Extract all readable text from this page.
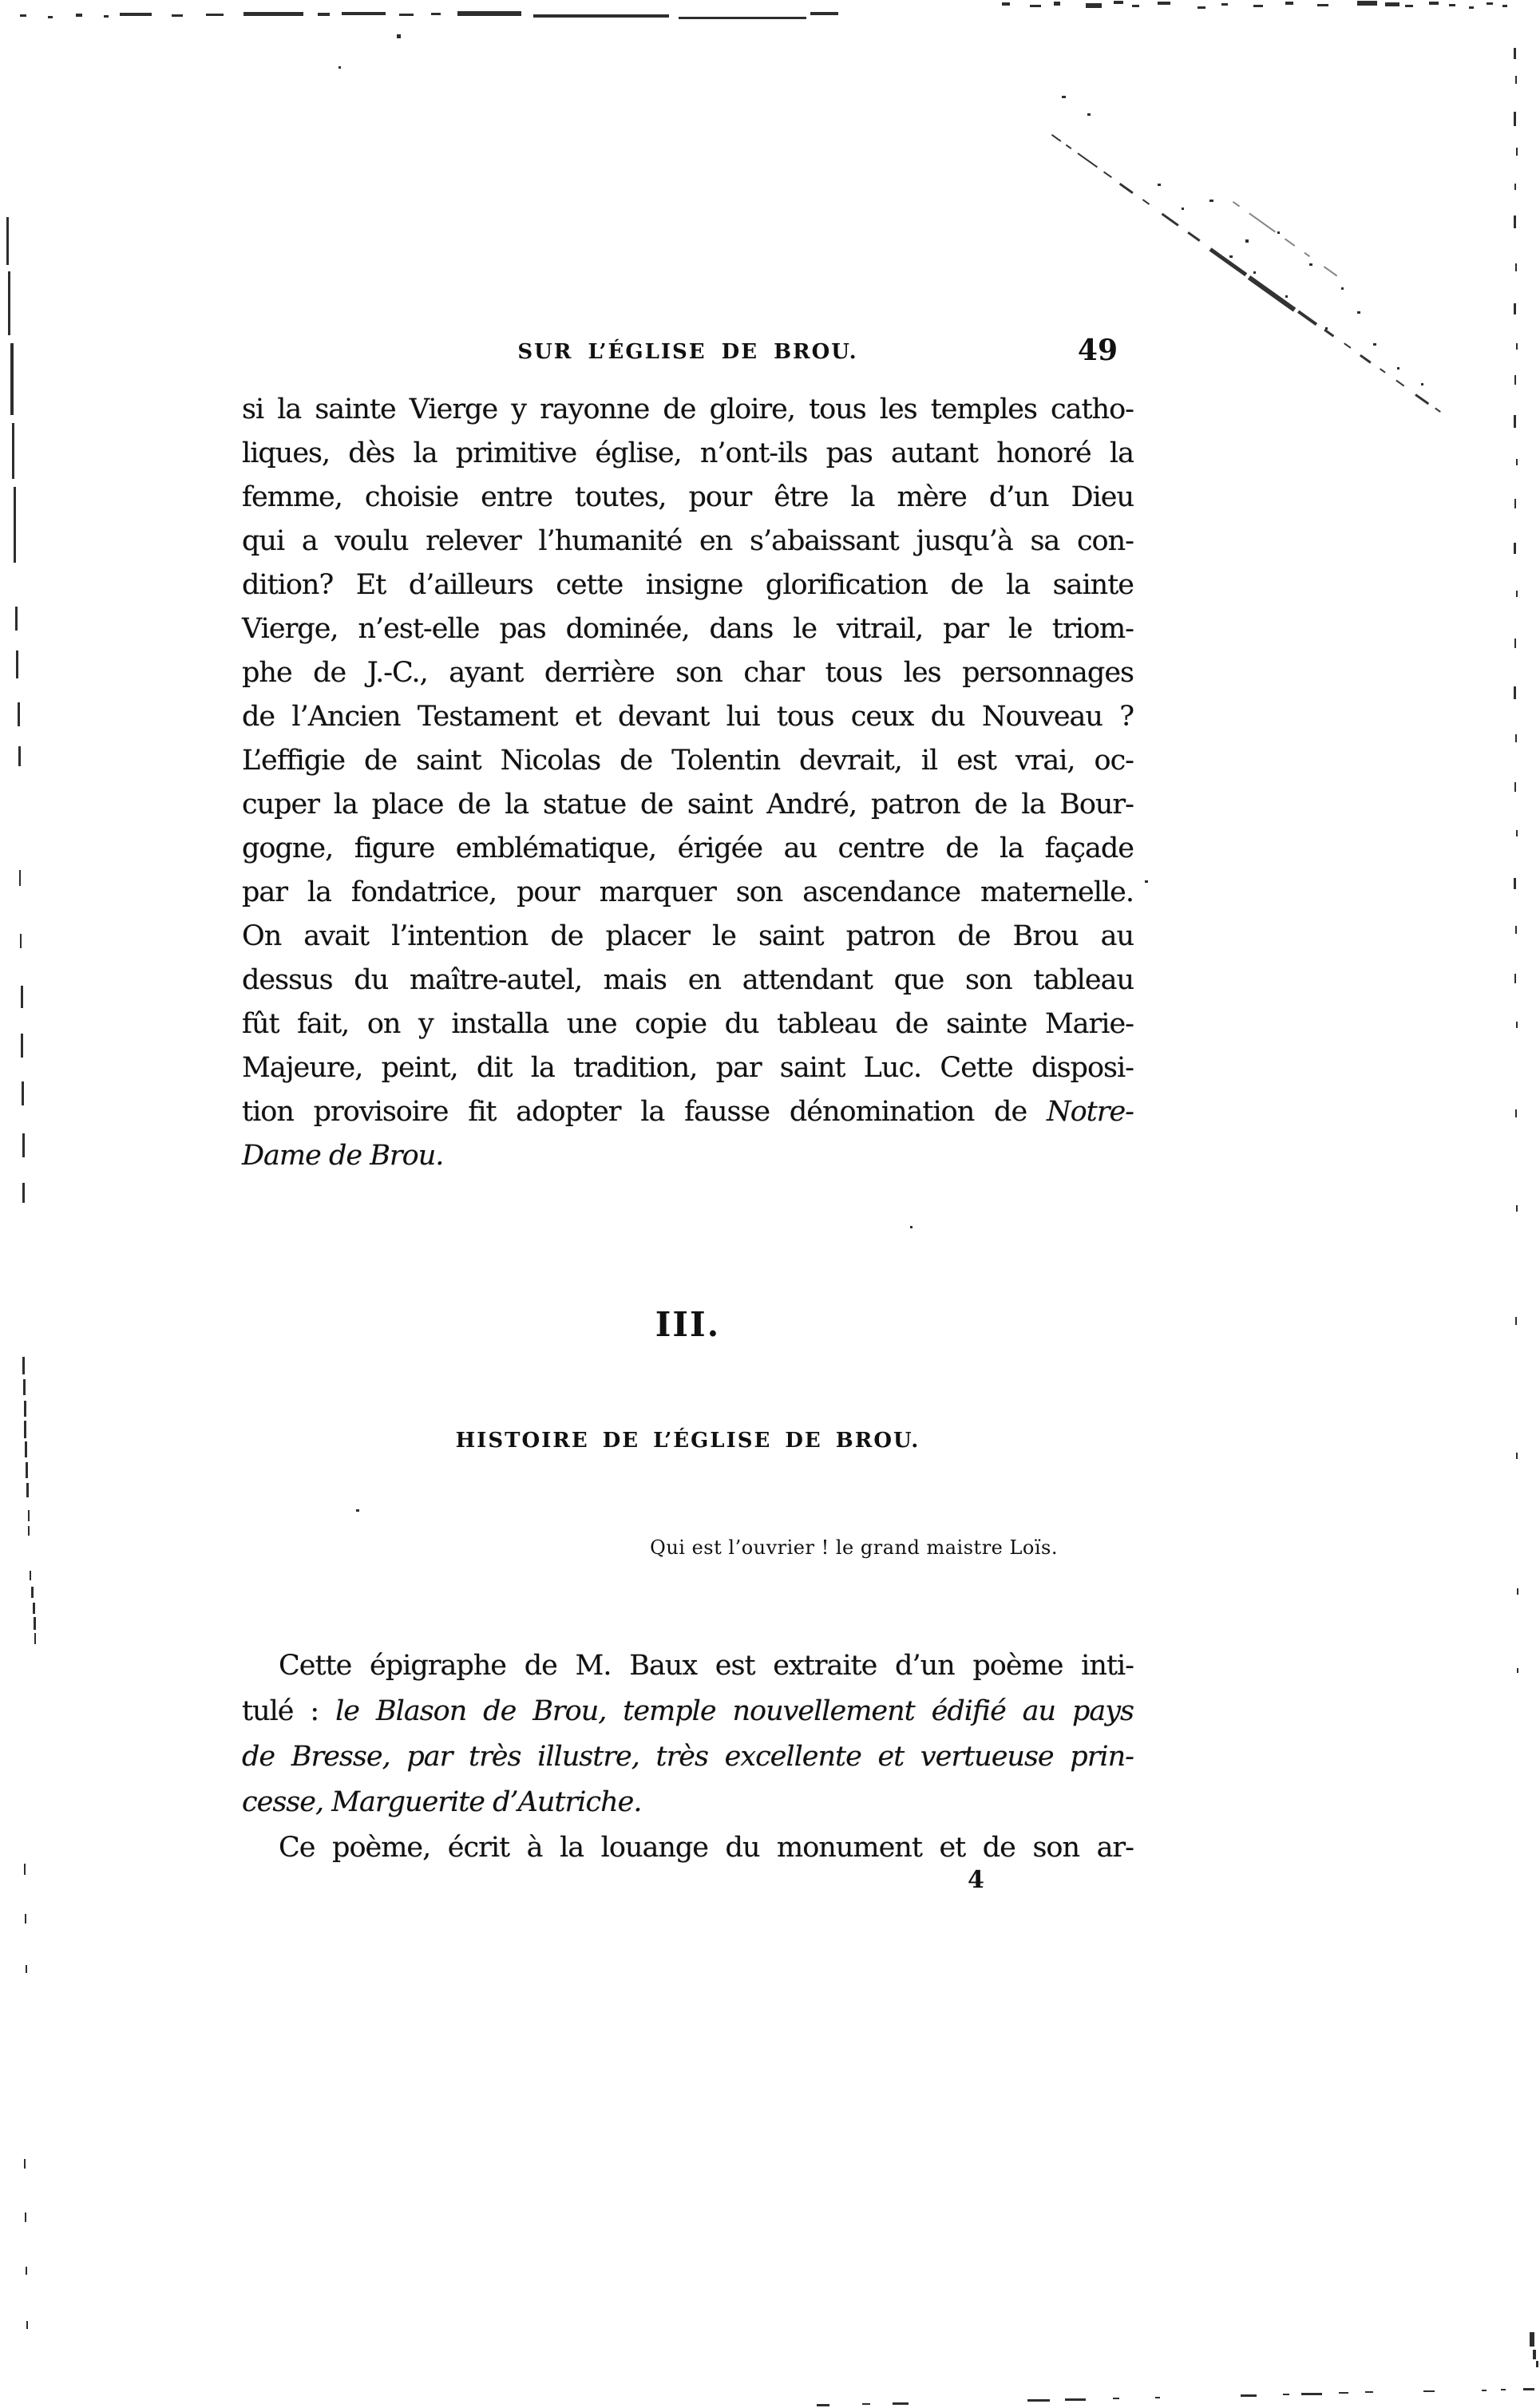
SUR L’ÉGLISE DE BROU.	49
si la sainte Vierge y rayonne de gloire, tous les temples catho-
liques, dès la primitive église, n’ont-ils pas autant honoré la
femme, choisie entre toutes, pour être la mère d’un Dieu
qui a voulu relever l’humanité en s’abaissant jusqu’à sa con-
dition? Et d’ailleurs cette insigne glorification de la sainte
Vierge, n’est-elle pas dominée, dans le vitrail, par le triom-
phe de J.-C., ayant derrière son char tous les personnages
de l’Ancien Testament et devant lui tous ceux du Nouveau ?
L’effigie de saint Nicolas de Tolentin devrait, il est vrai, oc-
cuper la place de la statue de saint André, patron de la Bour-
gogne, figure emblématique, érigée au centre de la façade
par la fondatrice, pour marquer son ascendance maternelle.
On avait l’intention de placer le saint patron de Brou au
dessus du maître-autel, mais en attendant que son tableau
fût fait, on y installa une copie du tableau de sainte Marie-
Majeure, peint, dit la tradition, par saint Luc. Cette disposi-
tion provisoire fit adopter la fausse dénomination de Notre-
Dame de Brou.
III.
HISTOIRE DE L’ÉGLISE DE BROU.
Qui est l’ouvrier ! le grand maistre Loïs.
Cette épigraphe de M. Baux est extraite d’un poème inti-
tulé : le Blason de Brou, temple nouvellement édifié au pays
de Bresse, par très illustre, très excellente et vertueuse prin-
cesse, Marguerite d’Autriche.
Ce poème, écrit à la louange du monument et de son ar-
4
